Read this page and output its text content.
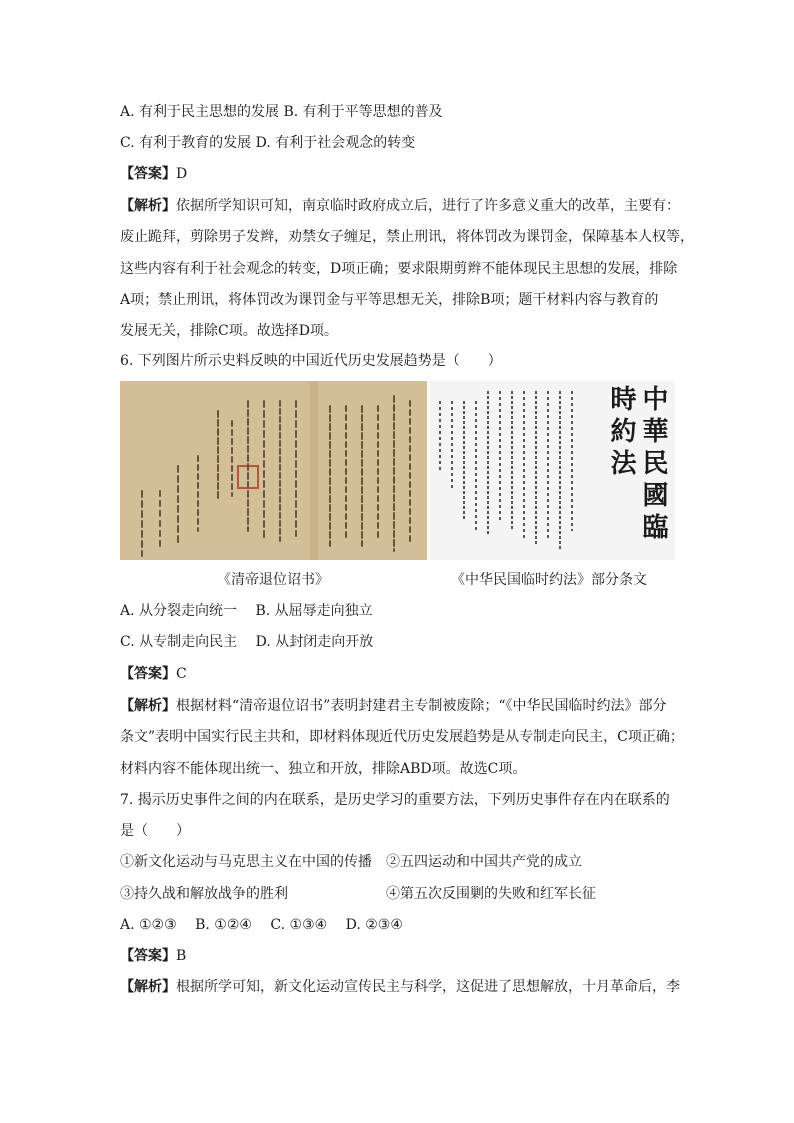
A. 有利于民主思想的发展 B. 有利于平等思想的普及
C. 有利于教育的发展 D. 有利于社会观念的转变
【答案】D
【解析】依据所学知识可知，南京临时政府成立后，进行了许多意义重大的改革，主要有：
废止跪拜，剪除男子发辫，劝禁女子缠足，禁止刑讯，将体罚改为课罚金，保障基本人权等，
这些内容有利于社会观念的转变，D项正确；要求限期剪辫不能体现民主思想的发展，排除
A项；禁止刑讯，将体罚改为课罚金与平等思想无关，排除B项；题干材料内容与教育的
发展无关，排除C项。故选择D项。
6. 下列图片所示史料反映的中国近代历史发展趋势是（　　）
中華民國臨時約法
《清帝退位诏书》	《中华民国临时约法》部分条文
A. 从分裂走向统一　 B. 从屈辱走向独立
C. 从专制走向民主　 D. 从封闭走向开放
【答案】C
【解析】根据材料“清帝退位诏书”表明封建君主专制被废除；“《中华民国临时约法》部分
条文”表明中国实行民主共和，即材料体现近代历史发展趋势是从专制走向民主，C项正确；
材料内容不能体现出统一、独立和开放，排除ABD项。故选C项。
7. 揭示历史事件之间的内在联系，是历史学习的重要方法，下列历史事件存在内在联系的
是（　　）
①新文化运动与马克思主义在中国的传播 ②五四运动和中国共产党的成立
③持久战和解放战争的胜利	④第五次反围剿的失败和红军长征
A. ①②③　 B. ①②④　 C. ①③④　 D. ②③④
【答案】B
【解析】根据所学可知，新文化运动宣传民主与科学，这促进了思想解放，十月革命后，李
